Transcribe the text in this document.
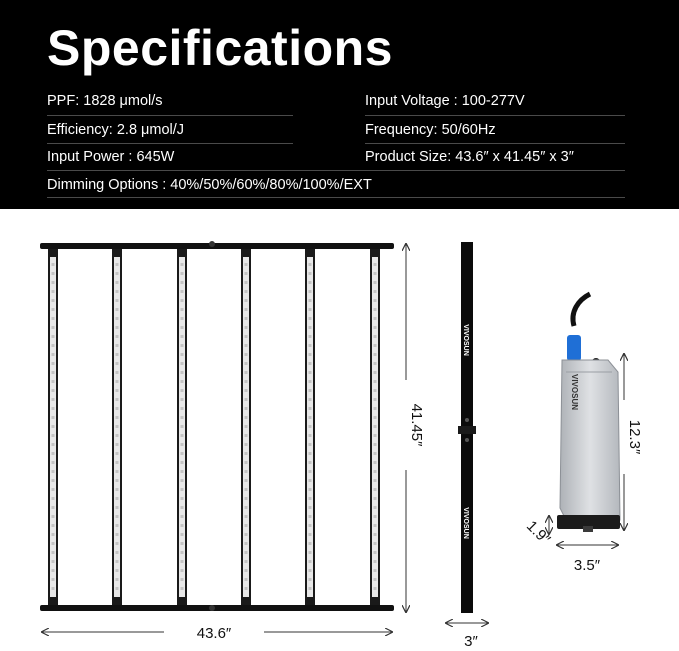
Specifications
PPF: 1828 μmol/s
Efficiency: 2.8 μmol/J
Input Power : 645W
Input Voltage : 100-277V
Frequency: 50/60Hz
Product Size: 43.6″ x 41.45″ x 3″
Dimming Options : 40%/50%/60%/80%/100%/EXT
43.6″
41.45″
VIVOSUN
VIVOSUN
3″
VIVOSUN
12.3″
3.5″
1.9″
